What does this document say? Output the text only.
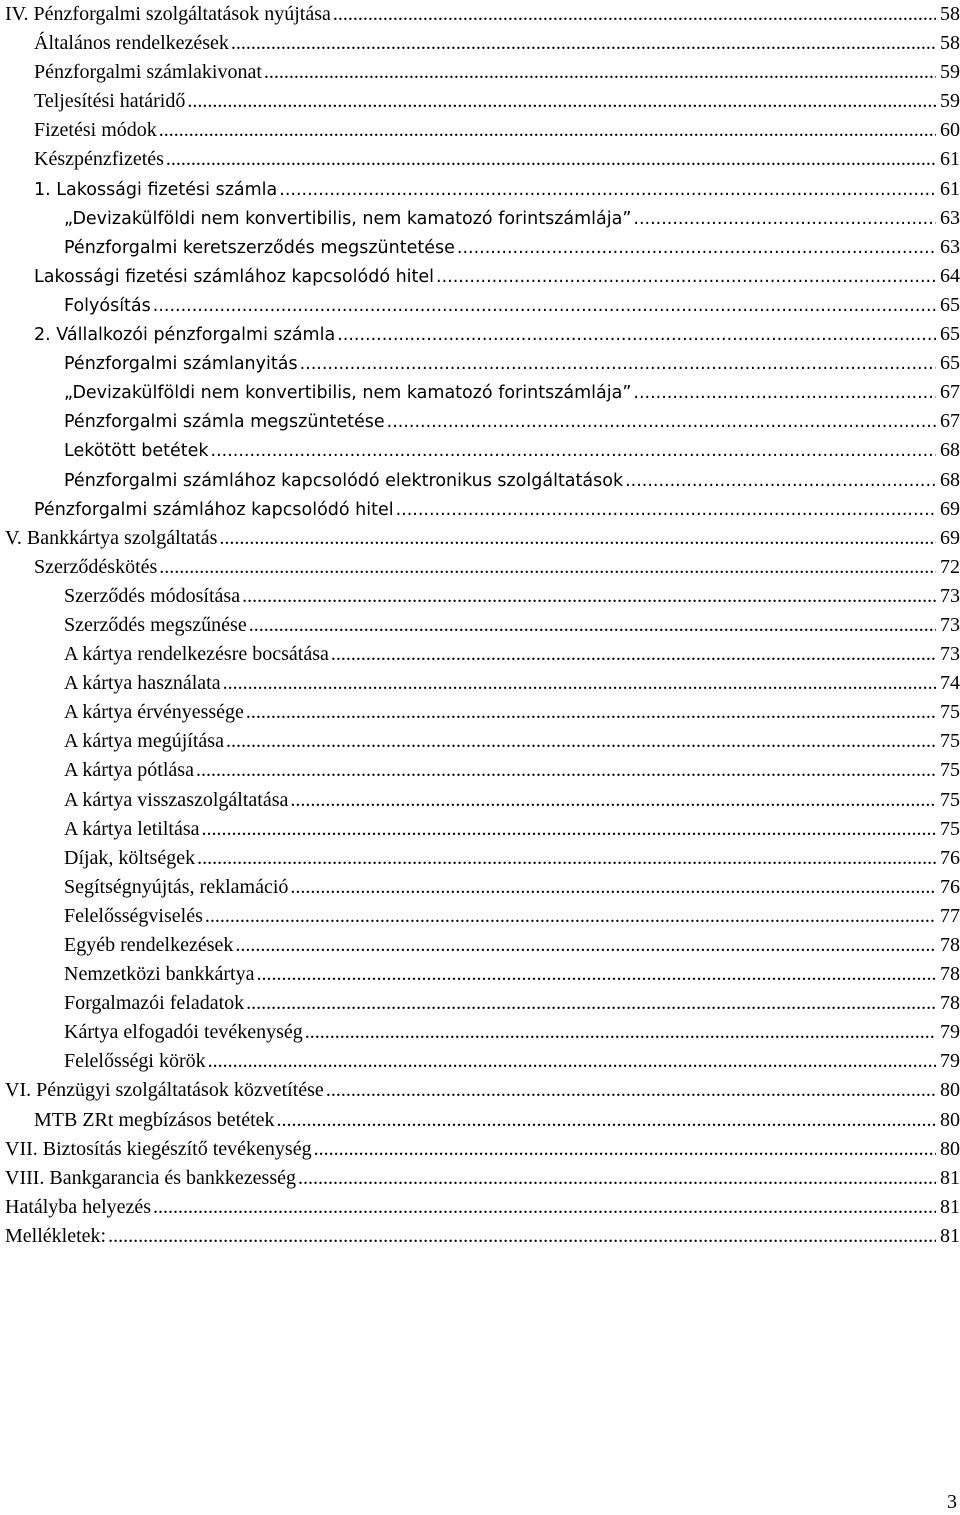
IV. Pénzforgalmi szolgáltatások nyújtása .....	58
Általános rendelkezések .....	58
Pénzforgalmi számlakivonat .....	59
Teljesítési határidő .....	59
Fizetési módok .....	60
Készpénzfizetés .....	61
1. Lakossági fizetési számla .....	61
„Devizakülföldi nem konvertibilis, nem kamatozó forintszámlája” .....	63
Pénzforgalmi keretszerződés megszüntetése .....	63
Lakossági fizetési számlához kapcsolódó hitel .....	64
Folyósítás .....	65
2. Vállalkozói pénzforgalmi számla .....	65
Pénzforgalmi számlanyitás .....	65
„Devizakülföldi nem konvertibilis, nem kamatozó forintszámlája” .....	67
Pénzforgalmi számla megszüntetése .....	67
Lekötött betétek .....	68
Pénzforgalmi számlához kapcsolódó elektronikus szolgáltatások .....	68
Pénzforgalmi számlához kapcsolódó hitel .....	69
V. Bankkártya szolgáltatás .....	69
Szerződéskötés .....	72
Szerződés módosítása .....	73
Szerződés megszűnése .....	73
A kártya rendelkezésre bocsátása .....	73
A kártya használata .....	74
A kártya érvényessége .....	75
A kártya megújítása .....	75
A kártya pótlása .....	75
A kártya visszaszolgáltatása .....	75
A kártya letiltása .....	75
Díjak, költségek .....	76
Segítségnyújtás, reklamáció .....	76
Felelősségviselés .....	77
Egyéb rendelkezések .....	78
Nemzetközi bankkártya .....	78
Forgalmazói feladatok .....	78
Kártya elfogadói tevékenység .....	79
Felelősségi körök .....	79
VI. Pénzügyi szolgáltatások közvetítése .....	80
MTB ZRt megbízásos betétek .....	80
VII. Biztosítás kiegészítő tevékenység .....	80
VIII. Bankgarancia és bankkezesség .....	81
Hatályba helyezés .....	81
Mellékletek: .....	81
3
